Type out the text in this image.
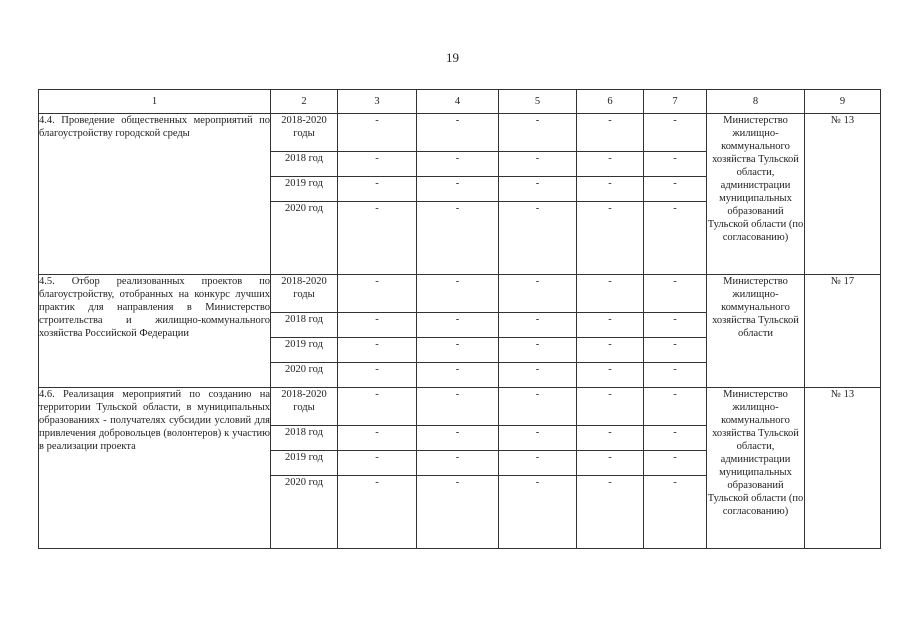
19
1	2	3	4	5	6	7	8	9
4.4. Проведение общественных мероприятий по благоустройству городской среды	2018-2020 годы	-	-	-	-	-	Министерство жилищно-коммунального хозяйства Тульской области, администрации муниципальных образований Тульской области (по согласованию)	№ 13
	2018 год	-	-	-	-	-		
	2019 год	-	-	-	-	-		
	2020 год	-	-	-	-	-		
4.5. Отбор реализованных проектов по благоустройству, отобранных на конкурс лучших практик для направления в Министерство строительства и жилищно-коммунального хозяйства Российской Федерации	2018-2020 годы	-	-	-	-	-	Министерство жилищно-коммунального хозяйства Тульской области	№ 17
	2018 год	-	-	-	-	-		
	2019 год	-	-	-	-	-		
	2020 год	-	-	-	-	-		
4.6. Реализация мероприятий по созданию на территории Тульской области, в муниципальных образованиях - получателях субсидии условий для привлечения добровольцев (волонтеров) к участию в реализации проекта	2018-2020 годы	-	-	-	-	-	Министерство жилищно-коммунального хозяйства Тульской области, администрации муниципальных образований Тульской области (по согласованию)	№ 13
	2018 год	-	-	-	-	-		
	2019 год	-	-	-	-	-		
	2020 год	-	-	-	-	-		
